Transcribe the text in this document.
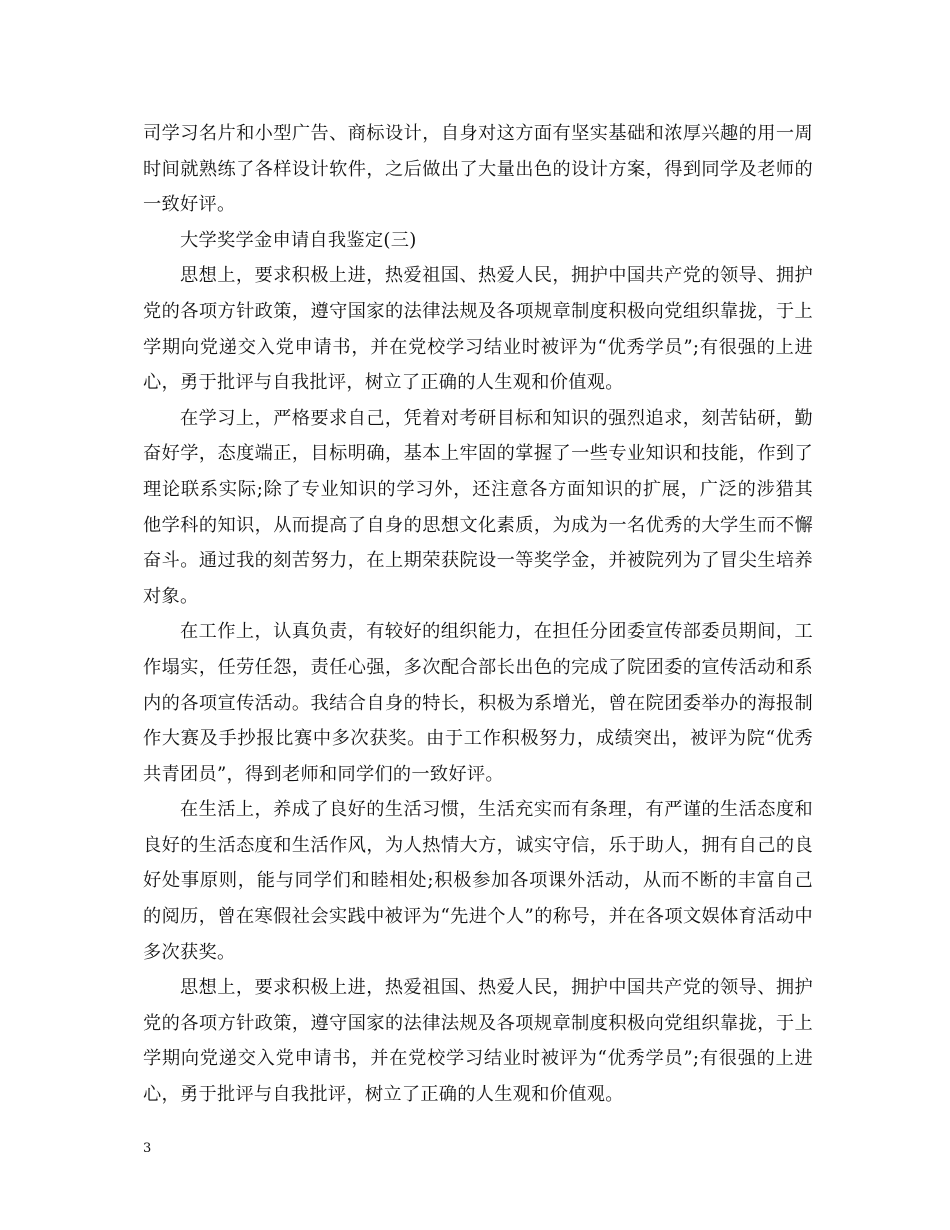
司学习名片和小型广告、商标设计，自身对这方面有坚实基础和浓厚兴趣的用一周时间就熟练了各样设计软件，之后做出了大量出色的设计方案，得到同学及老师的一致好评。

大学奖学金申请自我鉴定(三)

思想上，要求积极上进，热爱祖国、热爱人民，拥护中国共产党的领导、拥护党的各项方针政策，遵守国家的法律法规及各项规章制度积极向党组织靠拢，于上学期向党递交入党申请书，并在党校学习结业时被评为“优秀学员”;有很强的上进心，勇于批评与自我批评，树立了正确的人生观和价值观。

在学习上，严格要求自己，凭着对考研目标和知识的强烈追求，刻苦钻研，勤奋好学，态度端正，目标明确，基本上牢固的掌握了一些专业知识和技能，作到了理论联系实际;除了专业知识的学习外，还注意各方面知识的扩展，广泛的涉猎其他学科的知识，从而提高了自身的思想文化素质，为成为一名优秀的大学生而不懈奋斗。通过我的刻苦努力，在上期荣获院设一等奖学金，并被院列为了冒尖生培养对象。

在工作上，认真负责，有较好的组织能力，在担任分团委宣传部委员期间，工作塌实，任劳任怨，责任心强，多次配合部长出色的完成了院团委的宣传活动和系内的各项宣传活动。我结合自身的特长，积极为系增光，曾在院团委举办的海报制作大赛及手抄报比赛中多次获奖。由于工作积极努力，成绩突出，被评为院“优秀共青团员”，得到老师和同学们的一致好评。

在生活上，养成了良好的生活习惯，生活充实而有条理，有严谨的生活态度和良好的生活态度和生活作风，为人热情大方，诚实守信，乐于助人，拥有自己的良好处事原则，能与同学们和睦相处;积极参加各项课外活动，从而不断的丰富自己的阅历，曾在寒假社会实践中被评为“先进个人”的称号，并在各项文娱体育活动中多次获奖。

思想上，要求积极上进，热爱祖国、热爱人民，拥护中国共产党的领导、拥护党的各项方针政策，遵守国家的法律法规及各项规章制度积极向党组织靠拢，于上学期向党递交入党申请书，并在党校学习结业时被评为“优秀学员”;有很强的上进心，勇于批评与自我批评，树立了正确的人生观和价值观。

3
